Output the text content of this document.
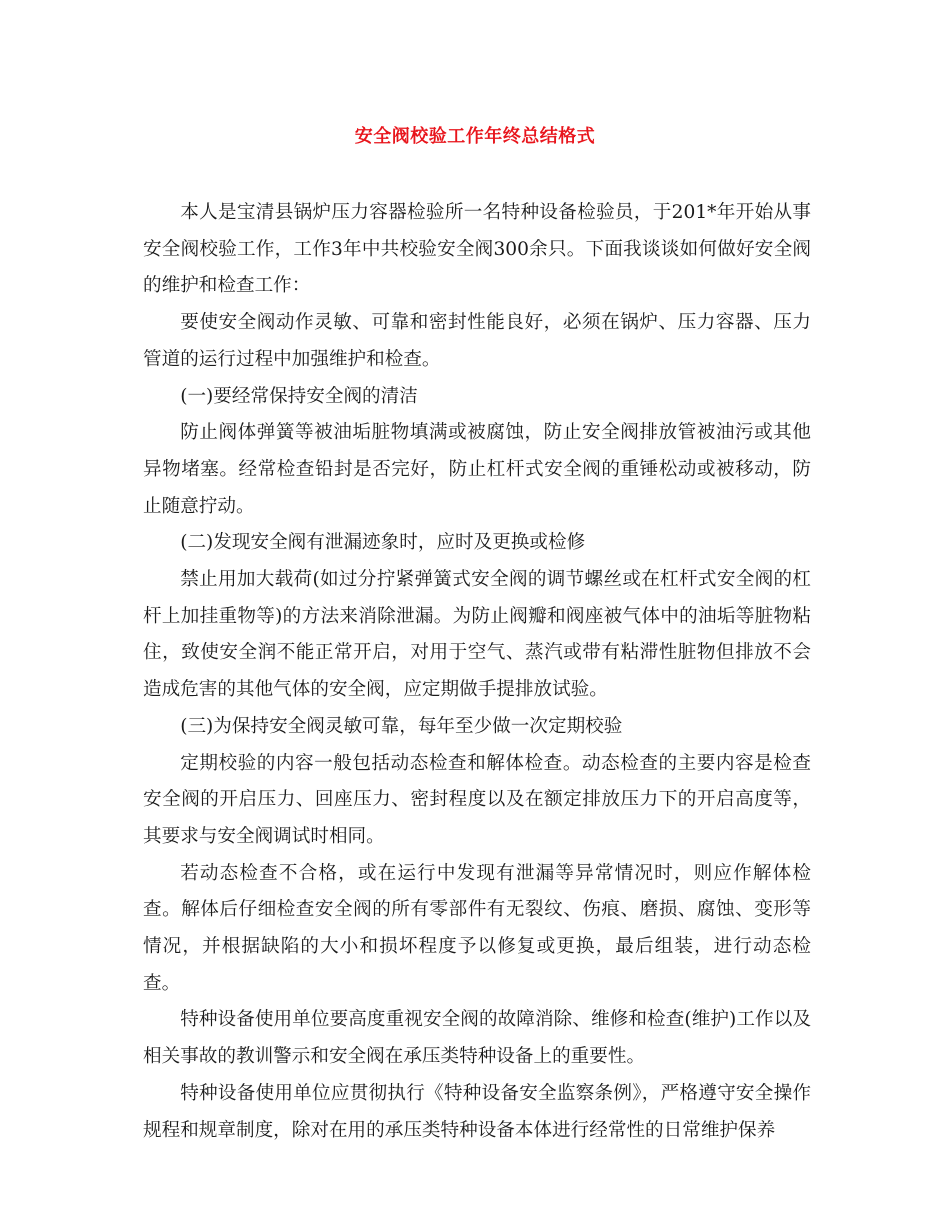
安全阀校验工作年终总结格式

本人是宝清县锅炉压力容器检验所一名特种设备检验员，于201*年开始从事安全阀校验工作，工作3年中共校验安全阀300余只。下面我谈谈如何做好安全阀的维护和检查工作：

要使安全阀动作灵敏、可靠和密封性能良好，必须在锅炉、压力容器、压力管道的运行过程中加强维护和检查。

(一)要经常保持安全阀的清洁

防止阀体弹簧等被油垢脏物填满或被腐蚀，防止安全阀排放管被油污或其他异物堵塞。经常检查铅封是否完好，防止杠杆式安全阀的重锤松动或被移动，防止随意拧动。

(二)发现安全阀有泄漏迹象时，应时及更换或检修

禁止用加大载荷(如过分拧紧弹簧式安全阀的调节螺丝或在杠杆式安全阀的杠杆上加挂重物等)的方法来消除泄漏。为防止阀瓣和阀座被气体中的油垢等脏物粘住，致使安全润不能正常开启，对用于空气、蒸汽或带有粘滞性脏物但排放不会造成危害的其他气体的安全阀，应定期做手提排放试验。

(三)为保持安全阀灵敏可靠，每年至少做一次定期校验

定期校验的内容一般包括动态检查和解体检查。动态检查的主要内容是检查安全阀的开启压力、回座压力、密封程度以及在额定排放压力下的开启高度等，其要求与安全阀调试时相同。

若动态检查不合格，或在运行中发现有泄漏等异常情况时，则应作解体检查。解体后仔细检查安全阀的所有零部件有无裂纹、伤痕、磨损、腐蚀、变形等情况，并根据缺陷的大小和损坏程度予以修复或更换，最后组装，进行动态检查。

特种设备使用单位要高度重视安全阀的故障消除、维修和检查(维护)工作以及相关事故的教训警示和安全阀在承压类特种设备上的重要性。

特种设备使用单位应贯彻执行《特种设备安全监察条例》，严格遵守安全操作规程和规章制度，除对在用的承压类特种设备本体进行经常性的日常维护保养
